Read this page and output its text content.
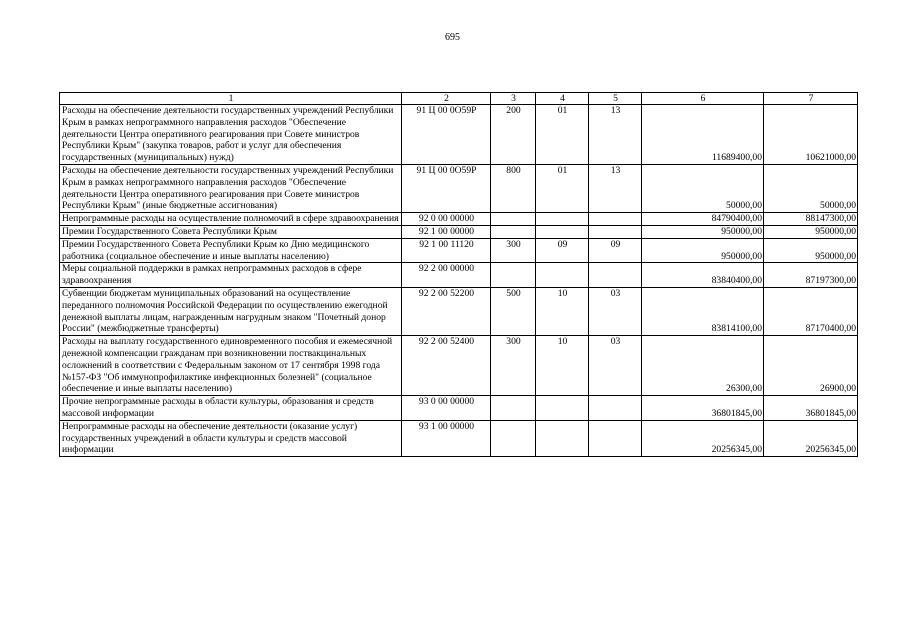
695
1	2	3	4	5	6	7
Расходы на обеспечение деятельности государственных учреждений Республики Крым в рамках непрограммного направления расходов "Обеспечение деятельности Центра оперативного реагирования при Совете министров Республики Крым" (закупка товаров, работ и услуг для обеспечения государственных (муниципальных) нужд)	91 Ц 00 0О59Р	200	01	13	11689400,00	10621000,00
Расходы на обеспечение деятельности государственных учреждений Республики Крым в рамках непрограммного направления расходов "Обеспечение деятельности Центра оперативного реагирования при Совете министров Республики Крым" (иные бюджетные ассигнования)	91 Ц 00 0О59Р	800	01	13	50000,00	50000,00
Непрограммные расходы на осуществление полномочий в сфере здравоохранения	92 0 00 00000				84790400,00	88147300,00
Премии Государственного Совета Республики Крым	92 1 00 00000				950000,00	950000,00
Премии Государственного Совета Республики Крым ко Дню медицинского работника (социальное обеспечение и иные выплаты населению)	92 1 00 11120	300	09	09	950000,00	950000,00
Меры социальной поддержки в рамках непрограммных расходов в сфере здравоохранения	92 2 00 00000				83840400,00	87197300,00
Субвенции бюджетам муниципальных образований на осуществление переданного полномочия Российской Федерации по осуществлению ежегодной денежной выплаты лицам, награжденным нагрудным знаком "Почетный донор России" (межбюджетные трансферты)	92 2 00 52200	500	10	03	83814100,00	87170400,00
Расходы на выплату государственного единовременного пособия и ежемесячной денежной компенсации гражданам при возникновении поствакцинальных осложнений в соответствии с Федеральным законом от 17 сентября 1998 года №157-ФЗ "Об иммунопрофилактике инфекционных болезней" (социальное обеспечение и иные выплаты населению)	92 2 00 52400	300	10	03	26300,00	26900,00
Прочие непрограммные расходы в области культуры, образования и средств массовой информации	93 0 00 00000				36801845,00	36801845,00
Непрограммные расходы на обеспечение деятельности (оказание услуг) государственных учреждений в области культуры и средств массовой информации	93 1 00 00000				20256345,00	20256345,00
